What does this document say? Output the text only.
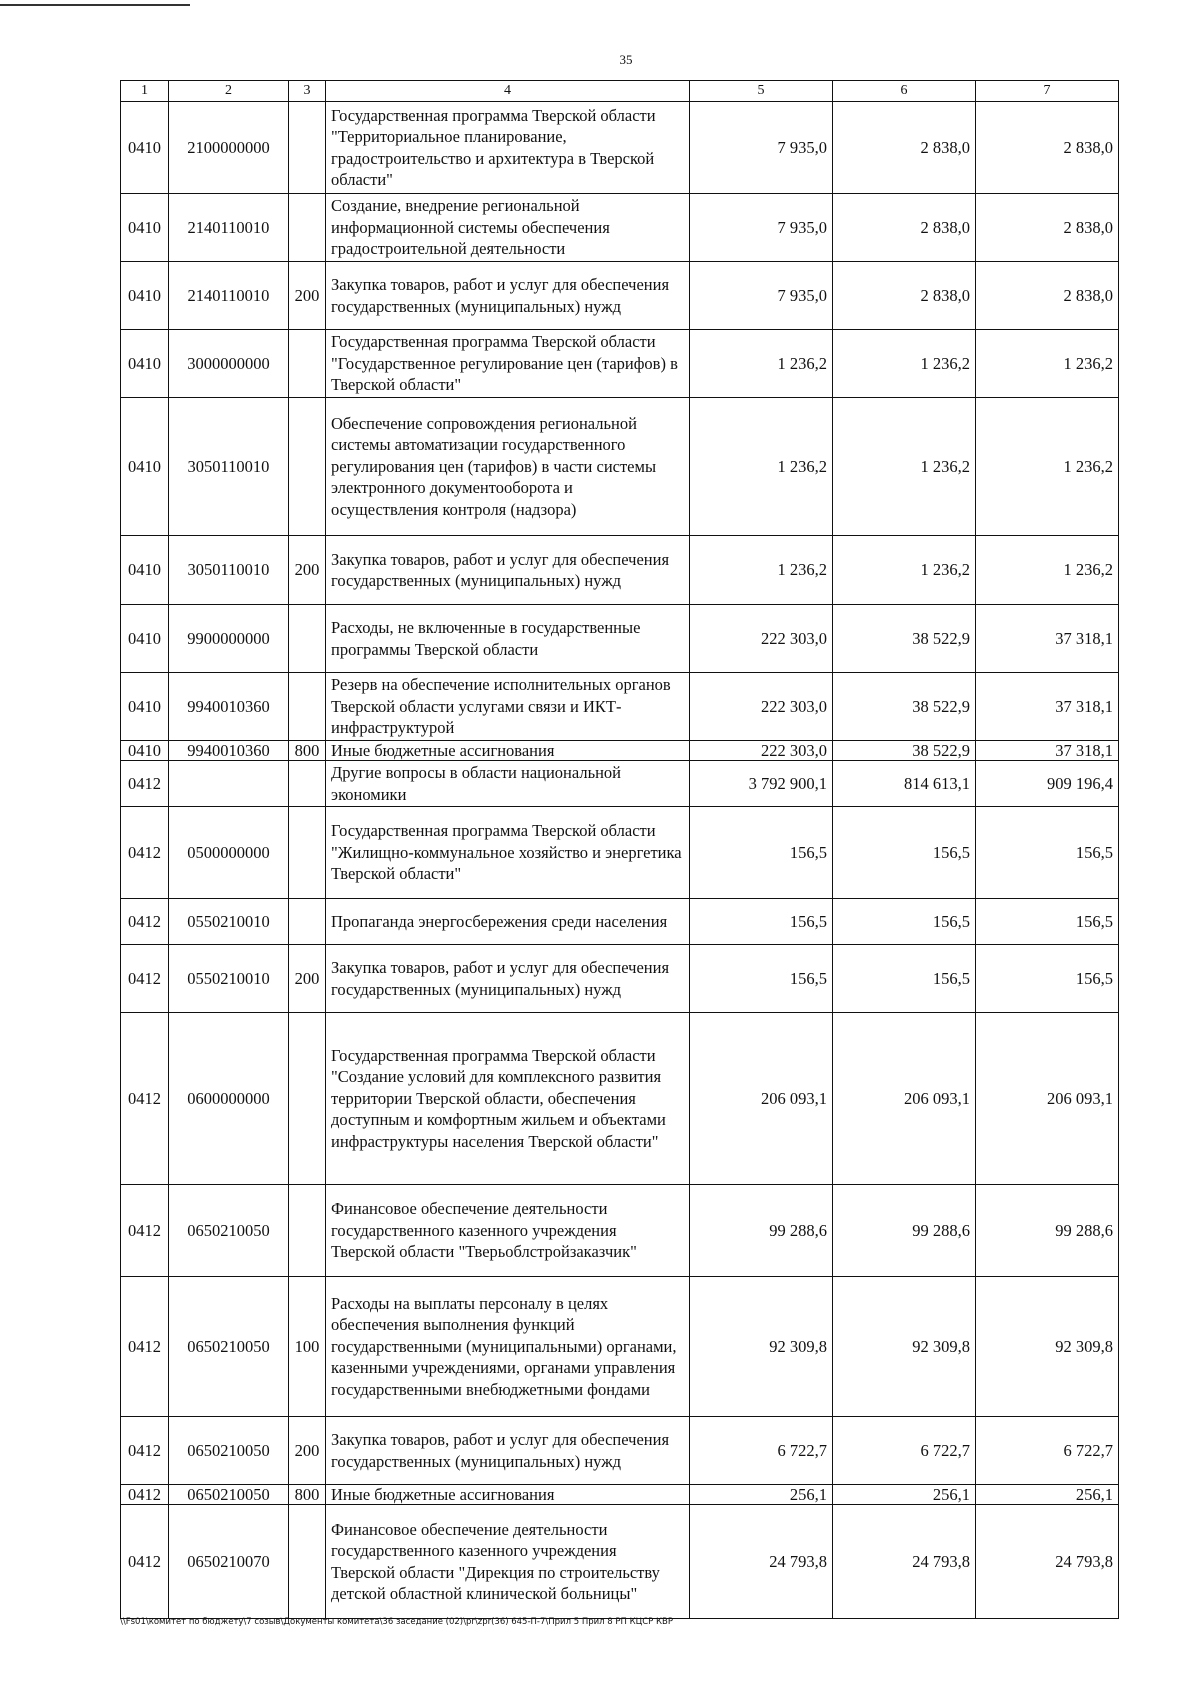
35
1	2	3	4	5	6	7
0410	2100000000		Государственная программа Тверской области "Территориальное планирование, градостроительство и архитектура в Тверской области"	7 935,0	2 838,0	2 838,0
0410	2140110010		Создание, внедрение региональной информационной системы обеспечения градостроительной деятельности	7 935,0	2 838,0	2 838,0
0410	2140110010	200	Закупка товаров, работ и услуг для обеспечения государственных (муниципальных) нужд	7 935,0	2 838,0	2 838,0
0410	3000000000		Государственная программа Тверской области "Государственное регулирование цен (тарифов) в Тверской области"	1 236,2	1 236,2	1 236,2
0410	3050110010		Обеспечение сопровождения региональной системы автоматизации государственного регулирования цен (тарифов) в части системы электронного документооборота и осуществления контроля (надзора)	1 236,2	1 236,2	1 236,2
0410	3050110010	200	Закупка товаров, работ и услуг для обеспечения государственных (муниципальных) нужд	1 236,2	1 236,2	1 236,2
0410	9900000000		Расходы, не включенные в государственные программы Тверской области	222 303,0	38 522,9	37 318,1
0410	9940010360		Резерв на обеспечение исполнительных органов Тверской области услугами связи и ИКТ-инфраструктурой	222 303,0	38 522,9	37 318,1
0410	9940010360	800	Иные бюджетные ассигнования	222 303,0	38 522,9	37 318,1
0412			Другие вопросы в области национальной экономики	3 792 900,1	814 613,1	909 196,4
0412	0500000000		Государственная программа Тверской области "Жилищно-коммунальное хозяйство и энергетика Тверской области"	156,5	156,5	156,5
0412	0550210010		Пропаганда энергосбережения среди населения	156,5	156,5	156,5
0412	0550210010	200	Закупка товаров, работ и услуг для обеспечения государственных (муниципальных) нужд	156,5	156,5	156,5
0412	0600000000		Государственная программа Тверской области "Создание условий для комплексного развития территории Тверской области, обеспечения доступным и комфортным жильем и объектами инфраструктуры населения Тверской области"	206 093,1	206 093,1	206 093,1
0412	0650210050		Финансовое обеспечение деятельности государственного казенного учреждения Тверской области "Тверьоблстройзаказчик"	99 288,6	99 288,6	99 288,6
0412	0650210050	100	Расходы на выплаты персоналу в целях обеспечения выполнения функций государственными (муниципальными) органами, казенными учреждениями, органами управления государственными внебюджетными фондами	92 309,8	92 309,8	92 309,8
0412	0650210050	200	Закупка товаров, работ и услуг для обеспечения государственных (муниципальных) нужд	6 722,7	6 722,7	6 722,7
0412	0650210050	800	Иные бюджетные ассигнования	256,1	256,1	256,1
0412	0650210070		Финансовое обеспечение деятельности государственного казенного учреждения Тверской области "Дирекция по строительству детской областной клинической больницы"	24 793,8	24 793,8	24 793,8
\\Fs01\комитет по бюджету\7 созыв\Документы комитета\36 заседание (02)\pr\zpr(36) 645-П-7\Прил 5 Прил 8 РП КЦСР КВР
